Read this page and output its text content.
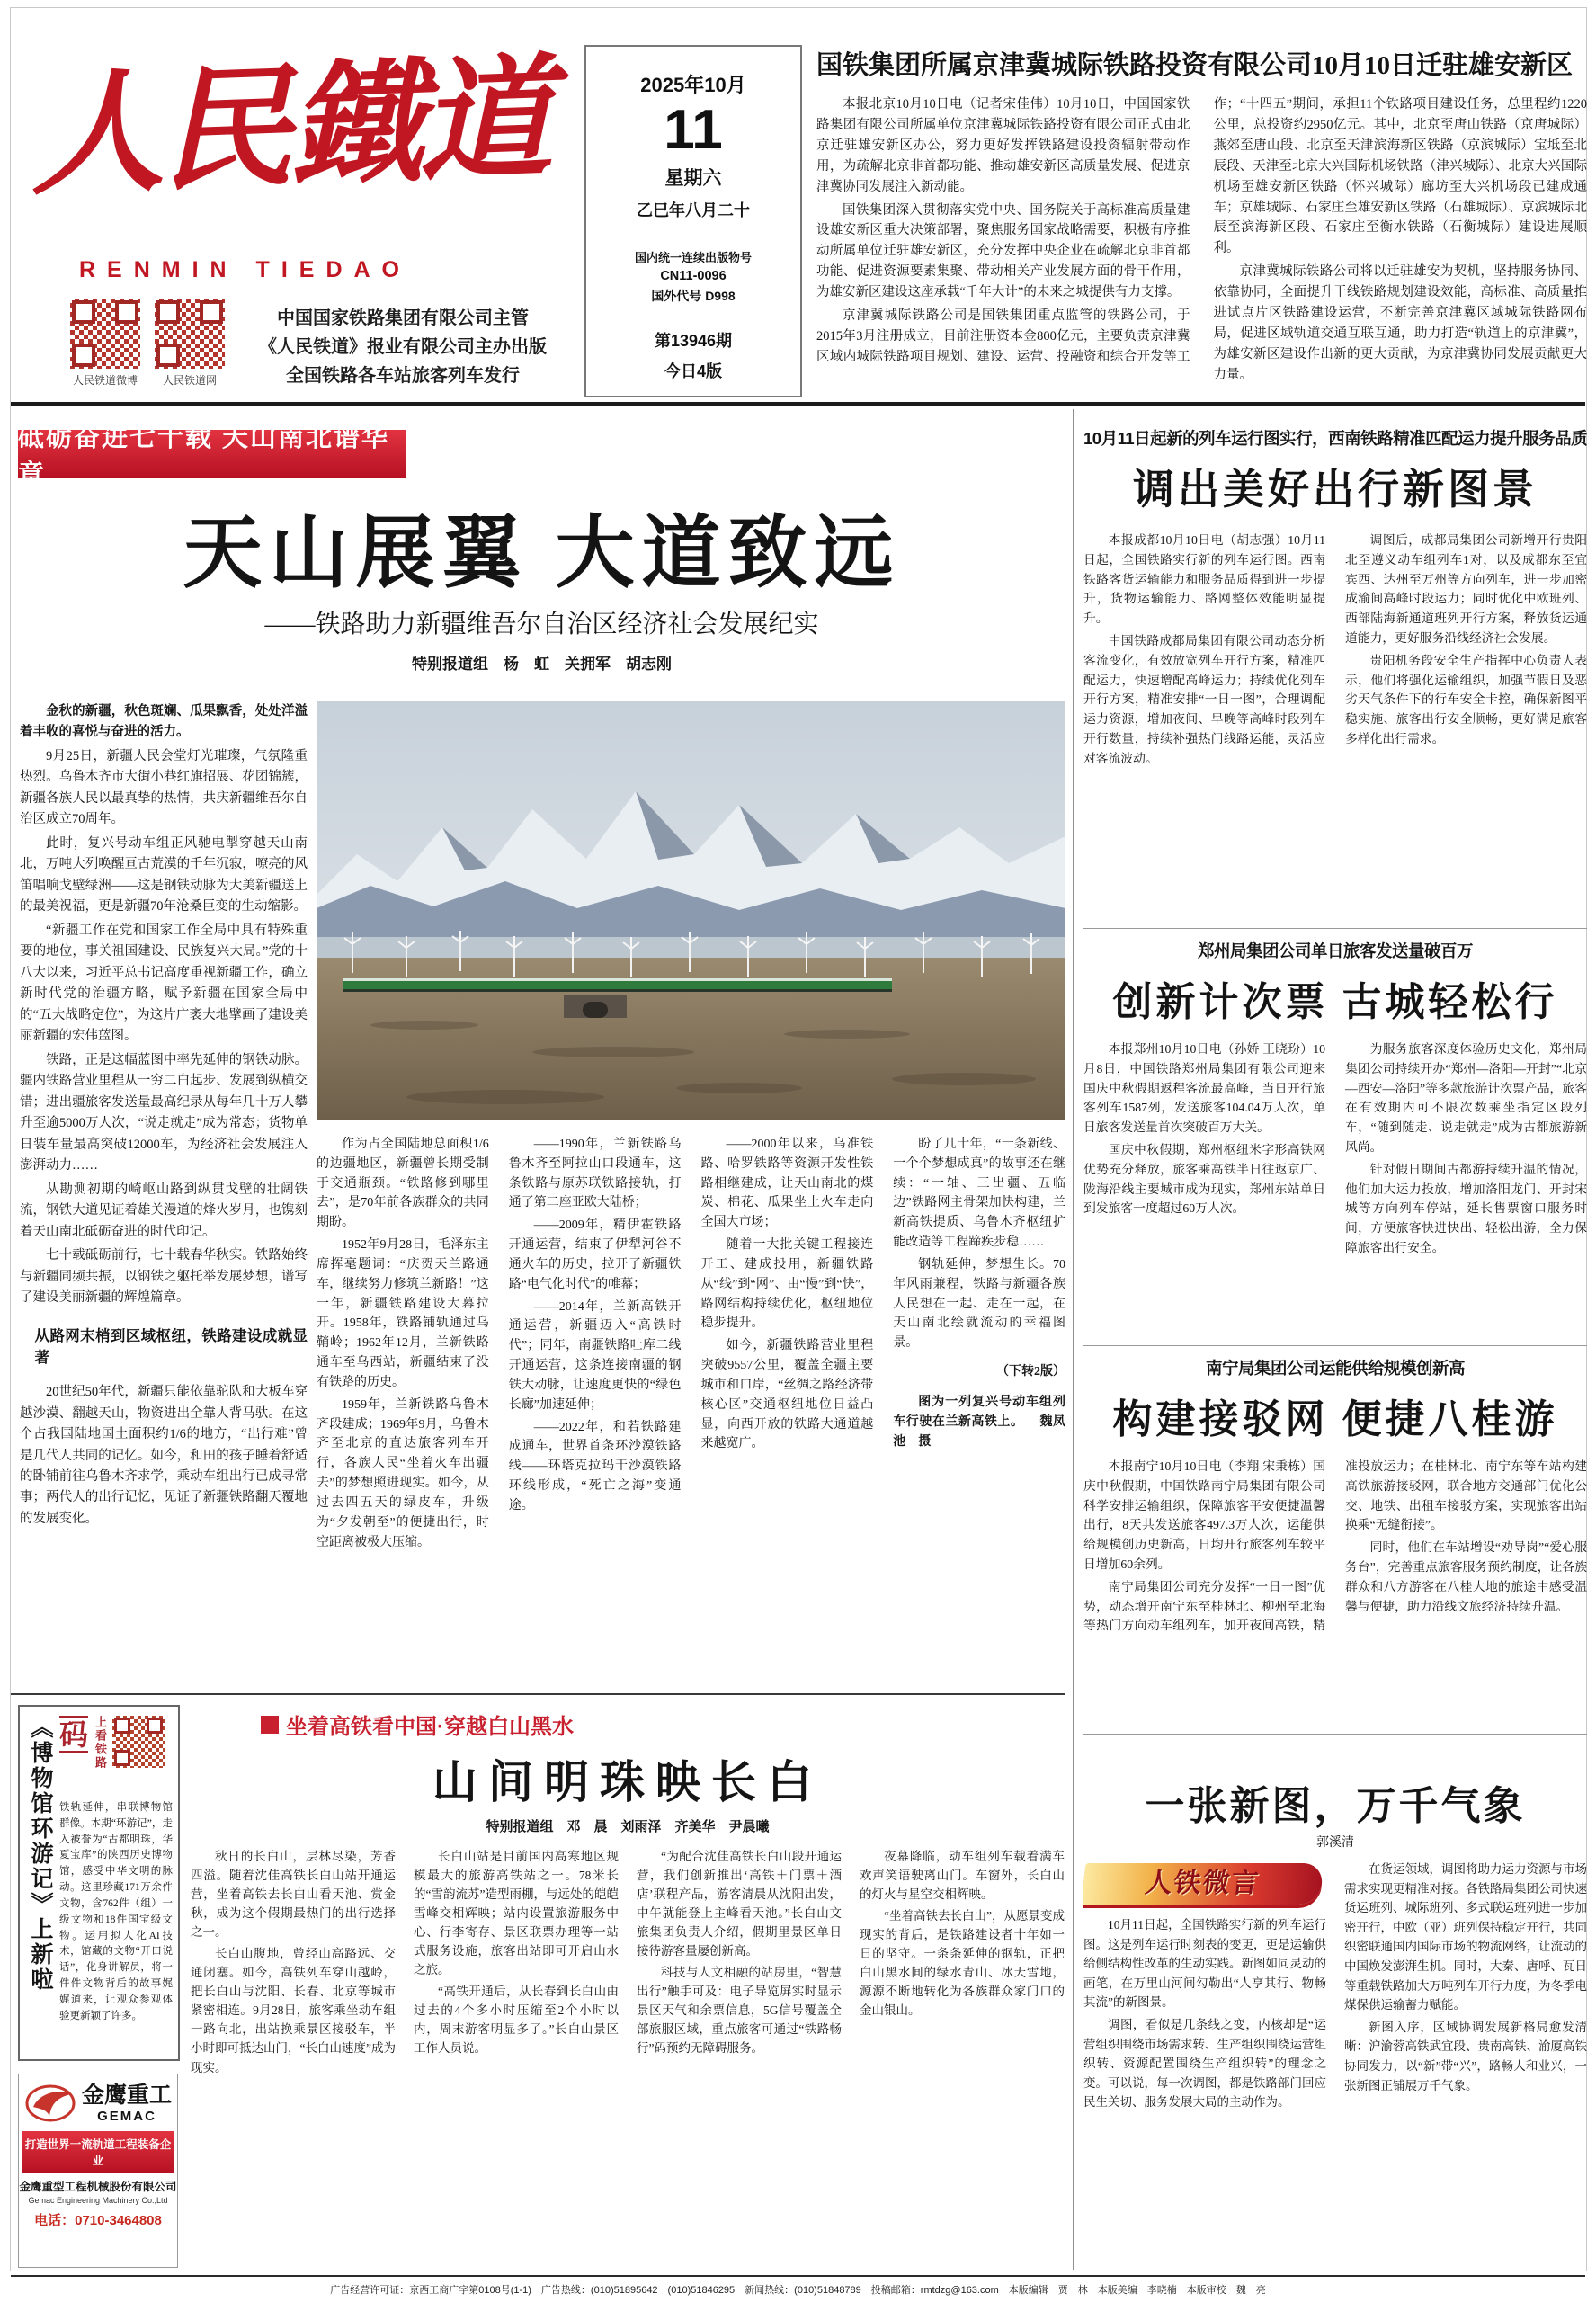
人民鐵道
RENMIN TIEDAO
人民铁道微博	人民铁道网
中国国家铁路集团有限公司主管
《人民铁道》报业有限公司主办出版
全国铁路各车站旅客列车发行
2025年10月
11
星期六
乙巳年八月二十
国内统一连续出版物号
CN11-0096
国外代号 D998
第13946期
今日4版
国铁集团所属京津冀城际铁路投资有限公司10月10日迁驻雄安新区

本报北京10月10日电（记者宋佳伟）10月10日，中国国家铁路集团有限公司所属单位京津冀城际铁路投资有限公司正式由北京迁驻雄安新区办公，努力更好发挥铁路建设投资辐射带动作用，为疏解北京非首都功能、推动雄安新区高质量发展、促进京津冀协同发展注入新动能。

国铁集团深入贯彻落实党中央、国务院关于高标准高质量建设雄安新区重大决策部署，聚焦服务国家战略需要，积极有序推动所属单位迁驻雄安新区，充分发挥中央企业在疏解北京非首都功能、促进资源要素集聚、带动相关产业发展方面的骨干作用，为雄安新区建设这座承载“千年大计”的未来之城提供有力支撑。

京津冀城际铁路公司是国铁集团重点监管的铁路公司，于2015年3月注册成立，目前注册资本金800亿元，主要负责京津冀区域内城际铁路项目规划、建设、运营、投融资和综合开发等工作；“十四五”期间，承担11个铁路项目建设任务，总里程约1220公里，总投资约2950亿元。其中，北京至唐山铁路（京唐城际）燕郊至唐山段、北京至天津滨海新区铁路（京滨城际）宝坻至北辰段、天津至北京大兴国际机场铁路（津兴城际）、北京大兴国际机场至雄安新区铁路（怀兴城际）廊坊至大兴机场段已建成通车；京雄城际、石家庄至雄安新区铁路（石雄城际）、京滨城际北辰至滨海新区段、石家庄至衡水铁路（石衡城际）建设进展顺利。

京津冀城际铁路公司将以迁驻雄安为契机，坚持服务协同、依靠协同，全面提升干线铁路规划建设效能，高标准、高质量推进试点片区铁路建设运营，不断完善京津冀区域城际铁路网布局，促进区域轨道交通互联互通，助力打造“轨道上的京津冀”，为雄安新区建设作出新的更大贡献，为京津冀协同发展贡献更大力量。

砥砺奋进七十载 天山南北谱华章
天山展翼 大道致远
——铁路助力新疆维吾尔自治区经济社会发展纪实
特别报道组　杨　虹　关拥军　胡志刚

金秋的新疆，秋色斑斓、瓜果飘香，处处洋溢着丰收的喜悦与奋进的活力。

9月25日，新疆人民会堂灯光璀璨，气氛隆重热烈。乌鲁木齐市大街小巷红旗招展、花团锦簇，新疆各族人民以最真挚的热情，共庆新疆维吾尔自治区成立70周年。

此时，复兴号动车组正风驰电掣穿越天山南北，万吨大列唤醒亘古荒漠的千年沉寂，嘹亮的风笛唱响戈壁绿洲——这是钢铁动脉为大美新疆送上的最美祝福，更是新疆70年沧桑巨变的生动缩影。

“新疆工作在党和国家工作全局中具有特殊重要的地位，事关祖国建设、民族复兴大局。”党的十八大以来，习近平总书记高度重视新疆工作，确立新时代党的治疆方略，赋予新疆在国家全局中的“五大战略定位”，为这片广袤大地擘画了建设美丽新疆的宏伟蓝图。

铁路，正是这幅蓝图中率先延伸的钢铁动脉。疆内铁路营业里程从一穷二白起步、发展到纵横交错；进出疆旅客发送量最高纪录从每年几十万人攀升至逾5000万人次，“说走就走”成为常态；货物单日装车量最高突破12000车，为经济社会发展注入澎湃动力……

从勘测初期的崎岖山路到纵贯戈壁的壮阔铁流，钢铁大道见证着雄关漫道的烽火岁月，也镌刻着天山南北砥砺奋进的时代印记。

七十载砥砺前行，七十载春华秋实。铁路始终与新疆同频共振，以钢铁之躯托举发展梦想，谱写了建设美丽新疆的辉煌篇章。

从路网末梢到区域枢纽，铁路建设成就显著

20世纪50年代，新疆只能依靠驼队和大板车穿越沙漠、翻越天山，物资进出全靠人背马驮。在这个占我国陆地国土面积约1/6的地方，“出行难”曾是几代人共同的记忆。如今，和田的孩子睡着舒适的卧铺前往乌鲁木齐求学，乘动车组出行已成寻常事；两代人的出行记忆，见证了新疆铁路翻天覆地的发展变化。

作为占全国陆地总面积1/6的边疆地区，新疆曾长期受制于交通瓶颈。“铁路修到哪里去”，是70年前各族群众的共同期盼。

1952年9月28日，毛泽东主席挥毫题词：“庆贺天兰路通车，继续努力修筑兰新路！”这一年，新疆铁路建设大幕拉开。1958年，铁路铺轨通过乌鞘岭；1962年12月，兰新铁路通车至乌西站，新疆结束了没有铁路的历史。

1959年，兰新铁路乌鲁木齐段建成；1969年9月，乌鲁木齐至北京的直达旅客列车开行，各族人民“坐着火车出疆去”的梦想照进现实。如今，从过去四五天的绿皮车，升级为“夕发朝至”的便捷出行，时空距离被极大压缩。

——1990年，兰新铁路乌鲁木齐至阿拉山口段通车，这条铁路与原苏联铁路接轨，打通了第二座亚欧大陆桥；

——2009年，精伊霍铁路开通运营，结束了伊犁河谷不通火车的历史，拉开了新疆铁路“电气化时代”的帷幕；

——2014年，兰新高铁开通运营，新疆迈入“高铁时代”；同年，南疆铁路吐库二线开通运营，这条连接南疆的钢铁大动脉，让速度更快的“绿色长廊”加速延伸；

——2022年，和若铁路建成通车，世界首条环沙漠铁路线——环塔克拉玛干沙漠铁路环线形成，“死亡之海”变通途。

——2000年以来，乌准铁路、哈罗铁路等资源开发性铁路相继建成，让天山南北的煤炭、棉花、瓜果坐上火车走向全国大市场；

随着一大批关键工程接连开工、建成投用，新疆铁路从“线”到“网”、由“慢”到“快”，路网结构持续优化，枢纽地位稳步提升。

如今，新疆铁路营业里程突破9557公里，覆盖全疆主要城市和口岸，“丝绸之路经济带核心区”交通枢纽地位日益凸显，向西开放的铁路大通道越来越宽广。

盼了几十年，“一条新线、一个个梦想成真”的故事还在继续：“一轴、三出疆、五临边”铁路网主骨架加快构建，兰新高铁提质、乌鲁木齐枢纽扩能改造等工程蹄疾步稳……

钢轨延伸，梦想生长。70年风雨兼程，铁路与新疆各族人民想在一起、走在一起，在天山南北绘就流动的幸福图景。

（下转2版）

图为一列复兴号动车组列车行驶在兰新高铁上。 魏凤池　摄

10月11日起新的列车运行图实行，西南铁路精准匹配运力提升服务品质
调出美好出行新图景

本报成都10月10日电（胡志强）10月11日起，全国铁路实行新的列车运行图。西南铁路客货运输能力和服务品质得到进一步提升，货物运输能力、路网整体效能明显提升。

中国铁路成都局集团有限公司动态分析客流变化，有效放宽列车开行方案，精准匹配运力，快速增配高峰运力；持续优化列车开行方案，精准安排“一日一图”，合理调配运力资源，增加夜间、早晚等高峰时段列车开行数量，持续补强热门线路运能，灵活应对客流波动。

调图后，成都局集团公司新增开行贵阳北至遵义动车组列车1对，以及成都东至宜宾西、达州至万州等方向列车，进一步加密成渝间高峰时段运力；同时优化中欧班列、西部陆海新通道班列开行方案，释放货运通道能力，更好服务沿线经济社会发展。

贵阳机务段安全生产指挥中心负责人表示，他们将强化运输组织，加强节假日及恶劣天气条件下的行车安全卡控，确保新图平稳实施、旅客出行安全顺畅，更好满足旅客多样化出行需求。

郑州局集团公司单日旅客发送量破百万
创新计次票 古城轻松行

本报郑州10月10日电（孙娇 王晓玢）10月8日，中国铁路郑州局集团有限公司迎来国庆中秋假期返程客流最高峰，当日开行旅客列车1587列，发送旅客104.04万人次，单日旅客发送量首次突破百万大关。

国庆中秋假期，郑州枢纽米字形高铁网优势充分释放，旅客乘高铁半日往返京广、陇海沿线主要城市成为现实，郑州东站单日到发旅客一度超过60万人次。

为服务旅客深度体验历史文化，郑州局集团公司持续开办“郑州—洛阳—开封”“北京—西安—洛阳”等多款旅游计次票产品，旅客在有效期内可不限次数乘坐指定区段列车，“随到随走、说走就走”成为古都旅游新风尚。

针对假日期间古都游持续升温的情况，他们加大运力投放，增加洛阳龙门、开封宋城等方向列车停站，延长售票窗口服务时间，方便旅客快进快出、轻松出游，全力保障旅客出行安全。

南宁局集团公司运能供给规模创新高
构建接驳网 便捷八桂游

本报南宁10月10日电（李翔 宋秉栋）国庆中秋假期，中国铁路南宁局集团有限公司科学安排运输组织，保障旅客平安便捷温馨出行，8天共发送旅客497.3万人次，运能供给规模创历史新高，日均开行旅客列车较平日增加60余列。

南宁局集团公司充分发挥“一日一图”优势，动态增开南宁东至桂林北、柳州至北海等热门方向动车组列车，加开夜间高铁，精准投放运力；在桂林北、南宁东等车站构建高铁旅游接驳网，联合地方交通部门优化公交、地铁、出租车接驳方案，实现旅客出站换乘“无缝衔接”。

同时，他们在车站增设“劝导岗”“爱心服务台”，完善重点旅客服务预约制度，让各族群众和八方游客在八桂大地的旅途中感受温馨与便捷，助力沿线文旅经济持续升温。

《博物馆环游记》上新啦 码 上看铁路
铁轨延伸，串联博物馆群像。本期“环游记”，走入被誉为“古都明珠，华夏宝库”的陕西历史博物馆，感受中华文明的脉动。这里珍藏171万余件文物，含762件（组）一级文物和18件国宝级文物。运用拟人化AI技术，馆藏的文物“开口说话”，化身讲解员，将一件件文物背后的故事娓娓道来，让观众参观体验更新颖了许多。
金鹰重工
GEMAC
打造世界一流轨道工程装备企业
金鹰重型工程机械股份有限公司
Gemac Engineering Machinery Co.,Ltd
电话：0710-3464808
坐着高铁看中国·穿越白山黑水
山间明珠映长白
特别报道组　邓　晨　刘雨泽　齐美华　尹晨曦

秋日的长白山，层林尽染，芳香四溢。随着沈佳高铁长白山站开通运营，坐着高铁去长白山看天池、赏金秋，成为这个假期最热门的出行选择之一。

长白山腹地，曾经山高路远、交通闭塞。如今，高铁列车穿山越岭，把长白山与沈阳、长春、北京等城市紧密相连。9月28日，旅客乘坐动车组一路向北，出站换乘景区接驳车，半小时即可抵达山门，“长白山速度”成为现实。

长白山站是目前国内高寒地区规模最大的旅游高铁站之一。78米长的“雪韵流苏”造型雨棚，与远处的皑皑雪峰交相辉映；站内设置旅游服务中心、行李寄存、景区联票办理等一站式服务设施，旅客出站即可开启山水之旅。

“高铁开通后，从长春到长白山由过去的4个多小时压缩至2个小时以内，周末游客明显多了。”长白山景区工作人员说。

“为配合沈佳高铁长白山段开通运营，我们创新推出‘高铁＋门票＋酒店’联程产品，游客清晨从沈阳出发，中午就能登上主峰看天池。”长白山文旅集团负责人介绍，假期里景区单日接待游客量屡创新高。

科技与人文相融的站房里，“智慧出行”触手可及：电子导览屏实时显示景区天气和余票信息，5G信号覆盖全部旅服区域，重点旅客可通过“铁路畅行”码预约无障碍服务。

夜幕降临，动车组列车载着满车欢声笑语驶离山门。车窗外，长白山的灯火与星空交相辉映。

“坐着高铁去长白山”，从愿景变成现实的背后，是铁路建设者十年如一日的坚守。一条条延伸的钢轨，正把白山黑水间的绿水青山、冰天雪地，源源不断地转化为各族群众家门口的金山银山。

一张新图，万千气象
郭溪清
人铁微言

10月11日起，全国铁路实行新的列车运行图。这是列车运行时刻表的变更，更是运输供给侧结构性改革的生动实践。新图如同灵动的画笔，在万里山河间勾勒出“人享其行、物畅其流”的新图景。

调图，看似是几条线之变，内核却是“运营组织围绕市场需求转、生产组织围绕运营组织转、资源配置围绕生产组织转”的理念之变。可以说，每一次调图，都是铁路部门回应民生关切、服务发展大局的主动作为。

在货运领域，调图将助力运力资源与市场需求实现更精准对接。各铁路局集团公司快速货运班列、城际班列、多式联运班列进一步加密开行，中欧（亚）班列保持稳定开行，共同织密联通国内国际市场的物流网络，让流动的中国焕发澎湃生机。同时，大秦、唐呼、瓦日等重载铁路加大万吨列车开行力度，为冬季电煤保供运输蓄力赋能。

新图入序，区域协调发展新格局愈发清晰：沪渝蓉高铁武宜段、贵南高铁、渝厦高铁协同发力，以“新”带“兴”，路畅人和业兴，一张新图正铺展万千气象。

广告经营许可证：京西工商广字第0108号(1-1)　广告热线：(010)51895642　(010)51846295　新闻热线：(010)51848789　投稿邮箱：rmtdzg@163.com　本版编辑　贾　林　本版美编　李晓楠　本版审校　魏　亮
